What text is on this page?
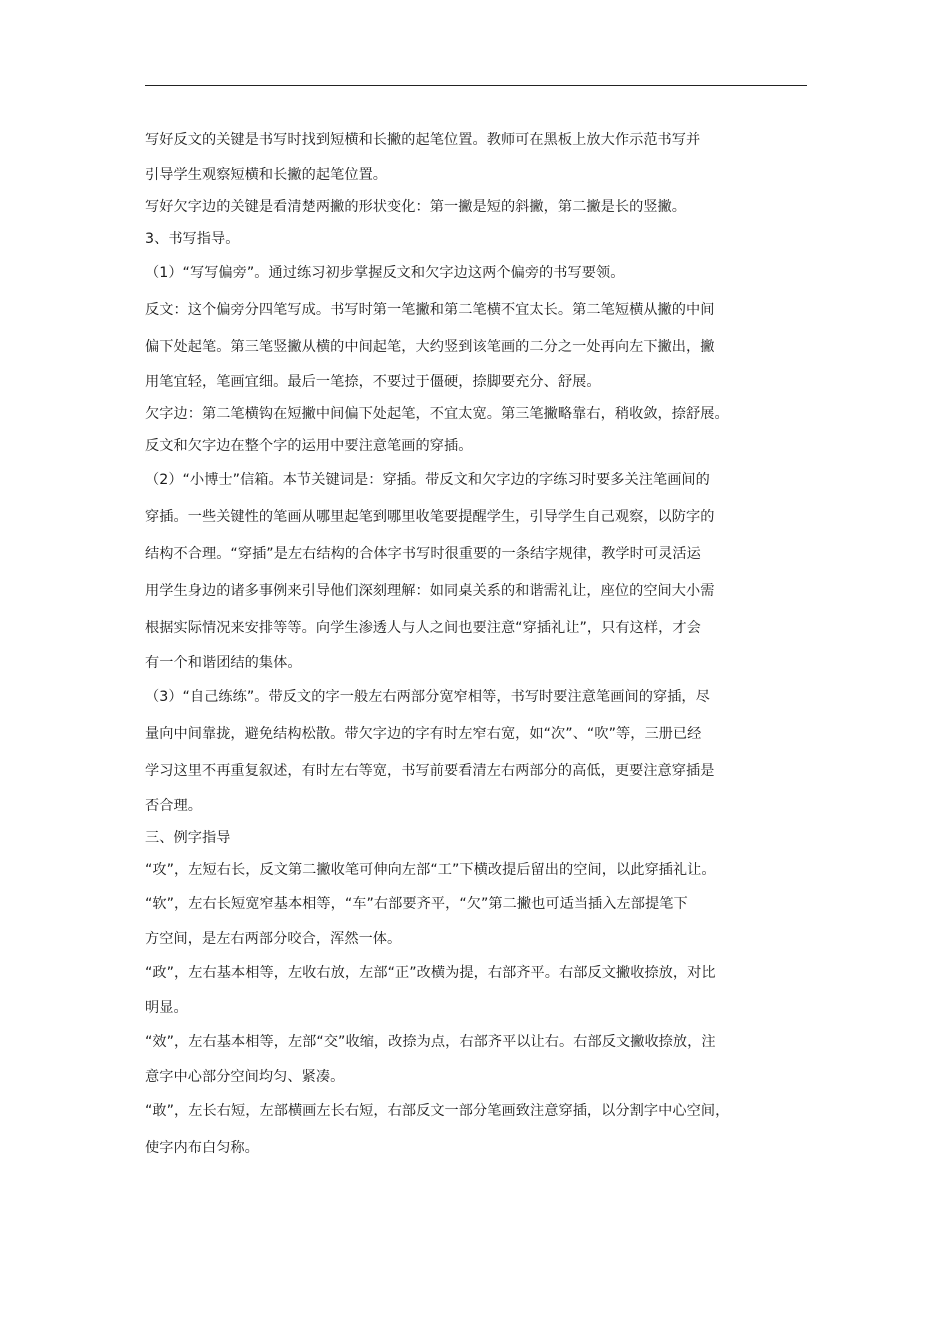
写好反文的关键是书写时找到短横和长撇的起笔位置。教师可在黑板上放大作示范书写并
引导学生观察短横和长撇的起笔位置。
写好欠字边的关键是看清楚两撇的形状变化：第一撇是短的斜撇，第二撇是长的竖撇。
3、书写指导。
（1）“写写偏旁”。通过练习初步掌握反文和欠字边这两个偏旁的书写要领。
反文：这个偏旁分四笔写成。书写时第一笔撇和第二笔横不宜太长。第二笔短横从撇的中间
偏下处起笔。第三笔竖撇从横的中间起笔，大约竖到该笔画的二分之一处再向左下撇出，撇
用笔宜轻，笔画宜细。最后一笔捺，不要过于僵硬，捺脚要充分、舒展。
欠字边：第二笔横钩在短撇中间偏下处起笔，不宜太宽。第三笔撇略靠右，稍收敛，捺舒展。
反文和欠字边在整个字的运用中要注意笔画的穿插。
（2）“小博士”信箱。本节关键词是：穿插。带反文和欠字边的字练习时要多关注笔画间的
穿插。一些关键性的笔画从哪里起笔到哪里收笔要提醒学生，引导学生自己观察，以防字的
结构不合理。“穿插”是左右结构的合体字书写时很重要的一条结字规律，教学时可灵活运
用学生身边的诸多事例来引导他们深刻理解：如同桌关系的和谐需礼让，座位的空间大小需
根据实际情况来安排等等。向学生渗透人与人之间也要注意“穿插礼让”，只有这样，才会
有一个和谐团结的集体。
（3）“自己练练”。带反文的字一般左右两部分宽窄相等，书写时要注意笔画间的穿插，尽
量向中间靠拢，避免结构松散。带欠字边的字有时左窄右宽，如“次”、“吹”等，三册已经
学习这里不再重复叙述，有时左右等宽，书写前要看清左右两部分的高低，更要注意穿插是
否合理。
三、例字指导
“攻”，左短右长，反文第二撇收笔可伸向左部“工”下横改提后留出的空间，以此穿插礼让。
“软”，左右长短宽窄基本相等，“车”右部要齐平，“欠”第二撇也可适当插入左部提笔下
方空间，是左右两部分咬合，浑然一体。
“政”，左右基本相等，左收右放，左部“正”改横为提，右部齐平。右部反文撇收捺放，对比
明显。
“效”，左右基本相等，左部“交”收缩，改捺为点，右部齐平以让右。右部反文撇收捺放，注
意字中心部分空间均匀、紧凑。
“敢”，左长右短，左部横画左长右短，右部反文一部分笔画致注意穿插，以分割字中心空间，
使字内布白匀称。
